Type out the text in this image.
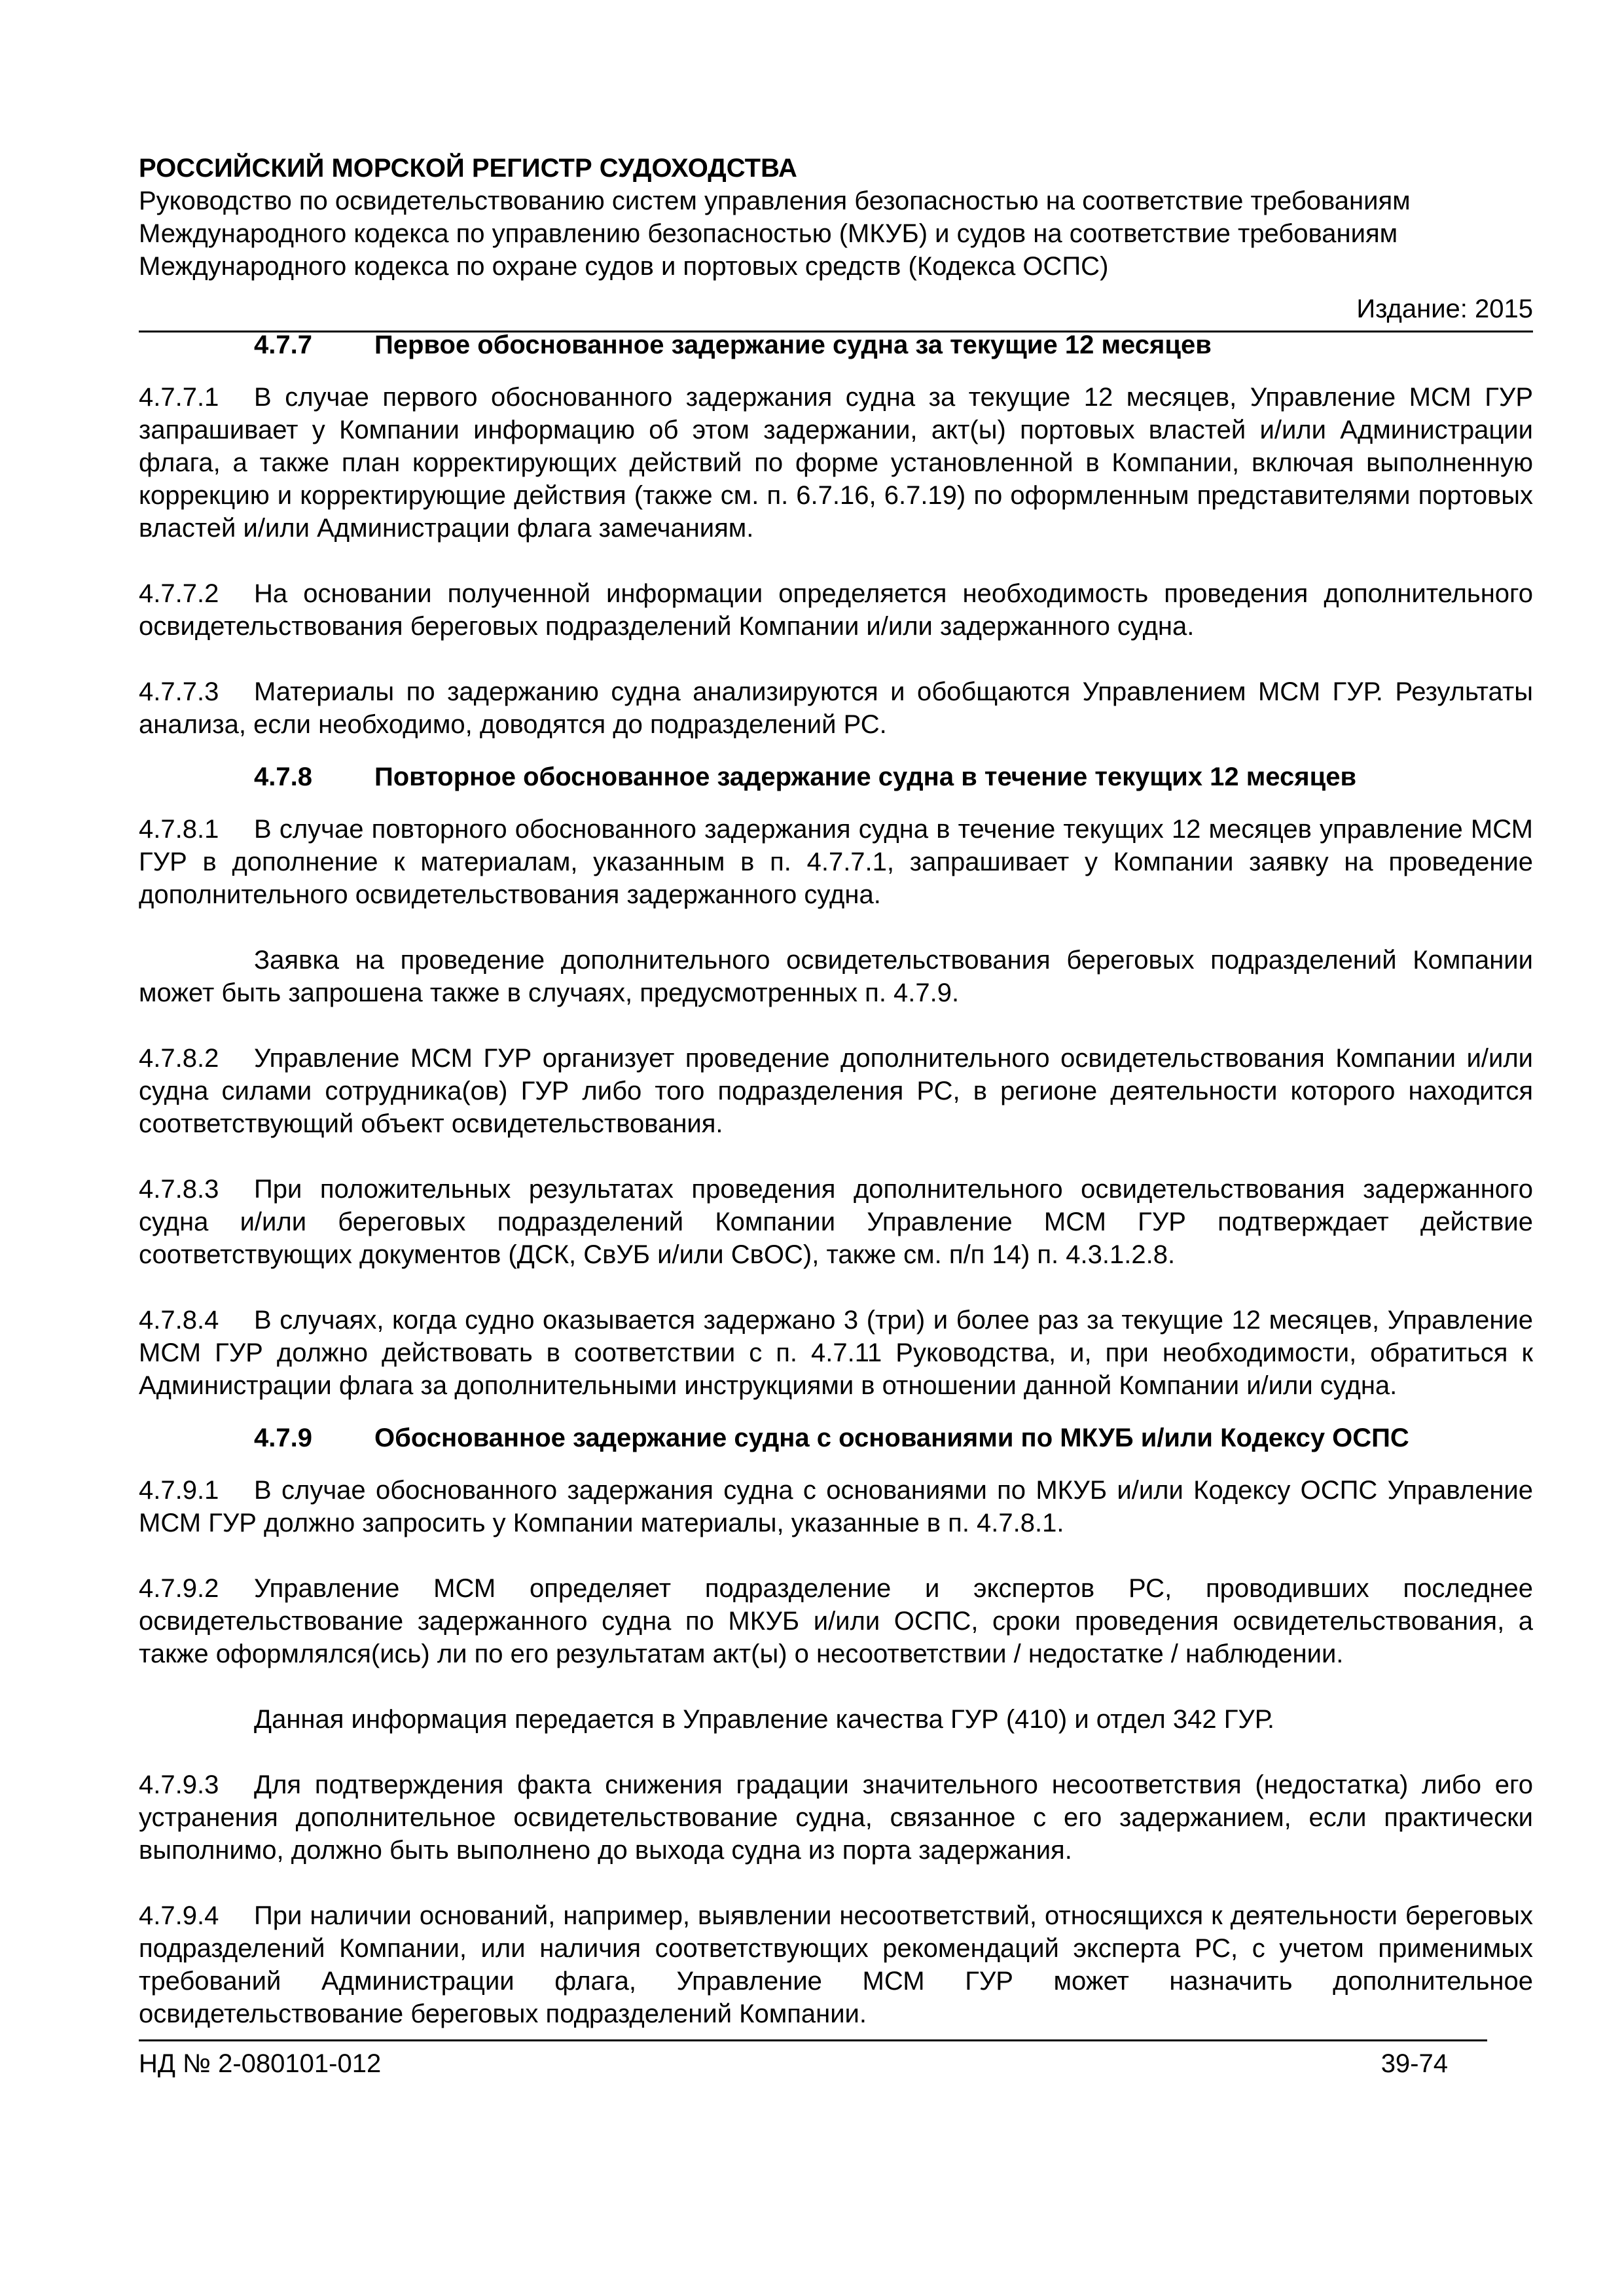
РОССИЙСКИЙ МОРСКОЙ РЕГИСТР СУДОХОДСТВА

Руководство по освидетельствованию систем управления безопасностью на соответствие требованиям

Международного кодекса по управлению безопасностью (МКУБ) и судов на соответствие требованиям

Международного кодекса по охране судов и портовых средств (Кодекса ОСПС)

Издание: 2015
4.7.7	Первое обоснованное задержание судна за текущие 12 месяцев

4.7.7.1 В случае первого обоснованного задержания судна за текущие 12 месяцев, Управление МСМ ГУР запрашивает у Компании информацию об этом задержании, акт(ы) портовых властей и/или Администрации флага, а также план корректирующих действий по форме установленной в Компании, включая выполненную коррекцию и корректирующие действия (также см. п. 6.7.16, 6.7.19) по оформленным представителями портовых властей и/или Администрации флага замечаниям.

4.7.7.2 На основании полученной информации определяется необходимость проведения дополнительного освидетельствования береговых подразделений Компании и/или задержанного судна.

4.7.7.3 Материалы по задержанию судна анализируются и обобщаются Управлением МСМ ГУР. Результаты анализа, если необходимо, доводятся до подразделений РС.

4.7.8	Повторное обоснованное задержание судна в течение текущих 12 месяцев

4.7.8.1 В случае повторного обоснованного задержания судна в течение текущих 12 месяцев управление МСМ ГУР в дополнение к материалам, указанным в п. 4.7.7.1, запрашивает у Компании заявку на проведение дополнительного освидетельствования задержанного судна.

Заявка на проведение дополнительного освидетельствования береговых подразделений Компании может быть запрошена также в случаях, предусмотренных п. 4.7.9.

4.7.8.2 Управление МСМ ГУР организует проведение дополнительного освидетельствования Компании и/или судна силами сотрудника(ов) ГУР либо того подразделения РС, в регионе деятельности которого находится соответствующий объект освидетельствования.

4.7.8.3 При положительных результатах проведения дополнительного освидетельствования задержанного судна и/или береговых подразделений Компании Управление МСМ ГУР подтверждает действие соответствующих документов (ДСК, СвУБ и/или СвОС), также см. п/п 14) п. 4.3.1.2.8.

4.7.8.4 В случаях, когда судно оказывается задержано 3 (три) и более раз за текущие 12 месяцев, Управление МСМ ГУР должно действовать в соответствии с п. 4.7.11 Руководства, и, при необходимости, обратиться к Администрации флага за дополнительными инструкциями в отношении данной Компании и/или судна.

4.7.9	Обоснованное задержание судна с основаниями по МКУБ и/или Кодексу ОСПС

4.7.9.1 В случае обоснованного задержания судна с основаниями по МКУБ и/или Кодексу ОСПС Управление МСМ ГУР должно запросить у Компании материалы, указанные в п. 4.7.8.1.

4.7.9.2 Управление МСМ определяет подразделение и экспертов РС, проводивших последнее освидетельствование задержанного судна по МКУБ и/или ОСПС, сроки проведения освидетельствования, а также оформлялся(ись) ли по его результатам акт(ы) о несоответствии / недостатке / наблюдении.

Данная информация передается в Управление качества ГУР (410) и отдел 342 ГУР.

4.7.9.3 Для подтверждения факта снижения градации значительного несоответствия (недостатка) либо его устранения дополнительное освидетельствование судна, связанное с его задержанием, если практически выполнимо, должно быть выполнено до выхода судна из порта задержания.

4.7.9.4 При наличии оснований, например, выявлении несоответствий, относящихся к деятельности береговых подразделений Компании, или наличия соответствующих рекомендаций эксперта РС, с учетом применимых требований Администрации флага, Управление МСМ ГУР может назначить дополнительное освидетельствование береговых подразделений Компании.

НД № 2-080101-012	39-74
